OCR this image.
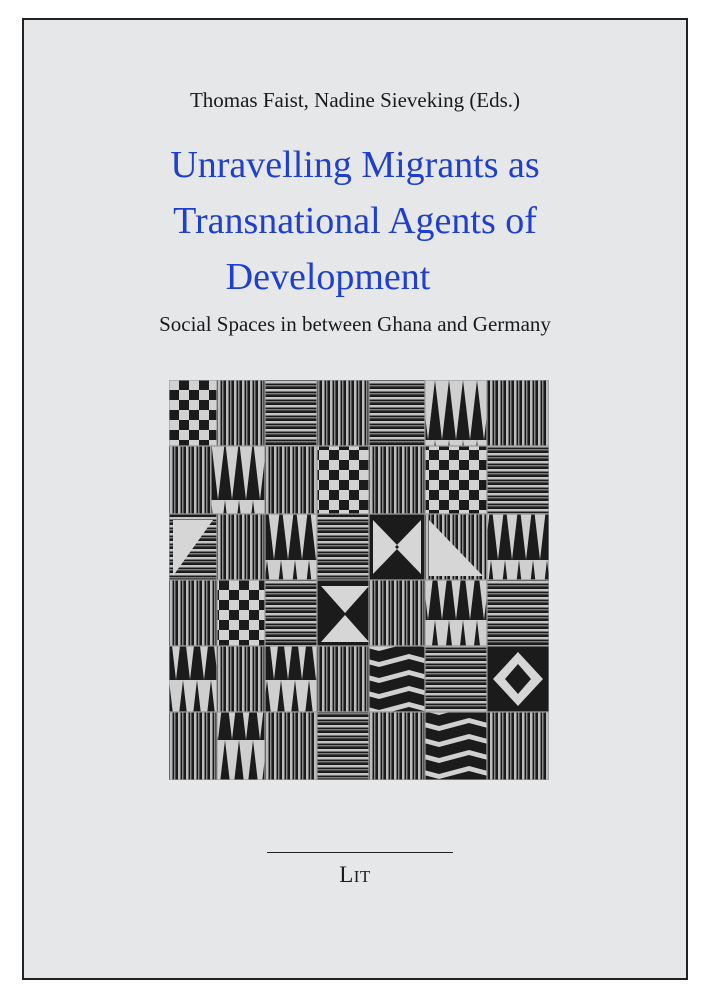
Thomas Faist, Nadine Sieveking (Eds.)
Unravelling Migrants as
Transnational Agents of
Development
Social Spaces in between Ghana and Germany
LIT
